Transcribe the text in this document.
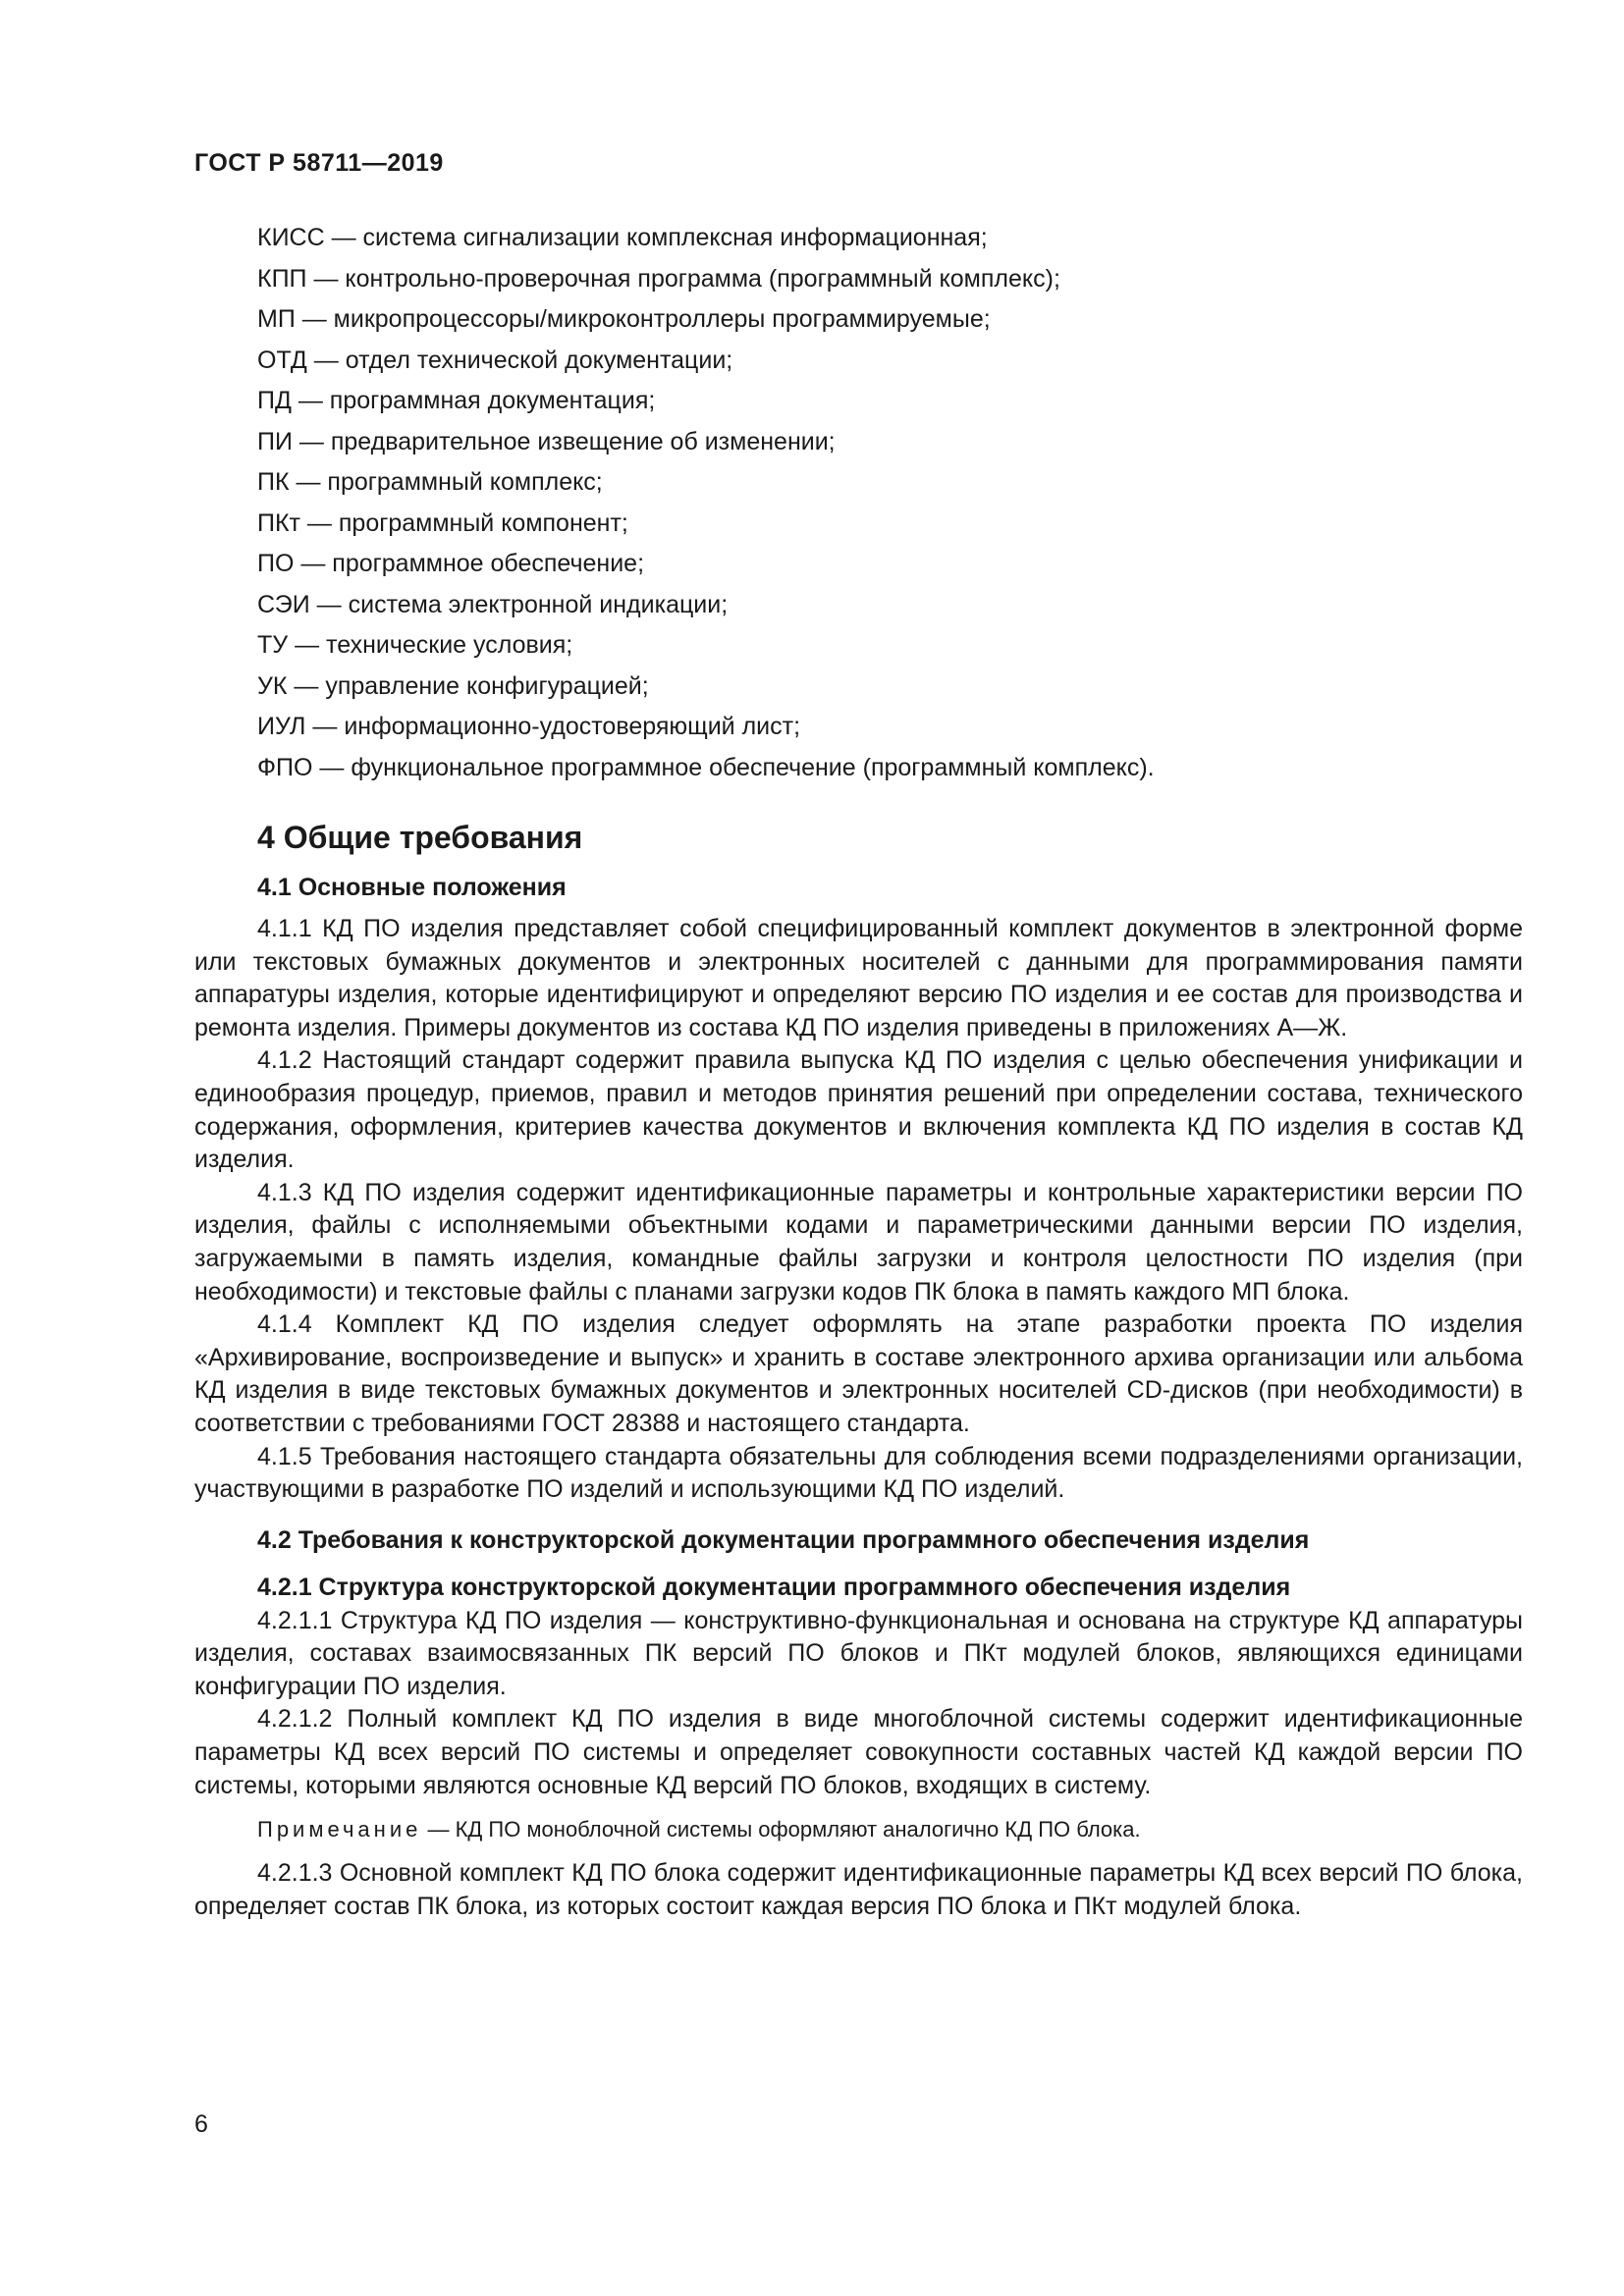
ГОСТ Р 58711—2019
КИСС — система сигнализации комплексная информационная;
КПП — контрольно-проверочная программа (программный комплекс);
МП — микропроцессоры/микроконтроллеры программируемые;
ОТД — отдел технической документации;
ПД — программная документация;
ПИ — предварительное извещение об изменении;
ПК — программный комплекс;
ПКт — программный компонент;
ПО — программное обеспечение;
СЭИ — система электронной индикации;
ТУ — технические условия;
УК — управление конфигурацией;
ИУЛ — информационно-удостоверяющий лист;
ФПО — функциональное программное обеспечение (программный комплекс).
4 Общие требования
4.1 Основные положения

4.1.1 КД ПО изделия представляет собой специфицированный комплект документов в электронной форме или текстовых бумажных документов и электронных носителей с данными для программирования памяти аппаратуры изделия, которые идентифицируют и определяют версию ПО изделия и ее состав для производства и ремонта изделия. Примеры документов из состава КД ПО изделия приведены в приложениях А—Ж.

4.1.2 Настоящий стандарт содержит правила выпуска КД ПО изделия с целью обеспечения унификации и единообразия процедур, приемов, правил и методов принятия решений при определении состава, технического содержания, оформления, критериев качества документов и включения комплекта КД ПО изделия в состав КД изделия.

4.1.3 КД ПО изделия содержит идентификационные параметры и контрольные характеристики версии ПО изделия, файлы с исполняемыми объектными кодами и параметрическими данными версии ПО изделия, загружаемыми в память изделия, командные файлы загрузки и контроля целостности ПО изделия (при необходимости) и текстовые файлы с планами загрузки кодов ПК блока в память каждого МП блока.

4.1.4 Комплект КД ПО изделия следует оформлять на этапе разработки проекта ПО изделия «Архивирование, воспроизведение и выпуск» и хранить в составе электронного архива организации или альбома КД изделия в виде текстовых бумажных документов и электронных носителей CD-дисков (при необходимости) в соответствии с требованиями ГОСТ 28388 и настоящего стандарта.

4.1.5 Требования настоящего стандарта обязательны для соблюдения всеми подразделениями организации, участвующими в разработке ПО изделий и использующими КД ПО изделий.

4.2 Требования к конструкторской документации программного обеспечения изделия
4.2.1 Структура конструкторской документации программного обеспечения изделия

4.2.1.1 Структура КД ПО изделия — конструктивно-функциональная и основана на структуре КД аппаратуры изделия, составах взаимосвязанных ПК версий ПО блоков и ПКт модулей блоков, являющихся единицами конфигурации ПО изделия.

4.2.1.2 Полный комплект КД ПО изделия в виде многоблочной системы содержит идентификационные параметры КД всех версий ПО системы и определяет совокупности составных частей КД каждой версии ПО системы, которыми являются основные КД версий ПО блоков, входящих в систему.

Примечание — КД ПО моноблочной системы оформляют аналогично КД ПО блока.

4.2.1.3 Основной комплект КД ПО блока содержит идентификационные параметры КД всех версий ПО блока, определяет состав ПК блока, из которых состоит каждая версия ПО блока и ПКт модулей блока.

6
